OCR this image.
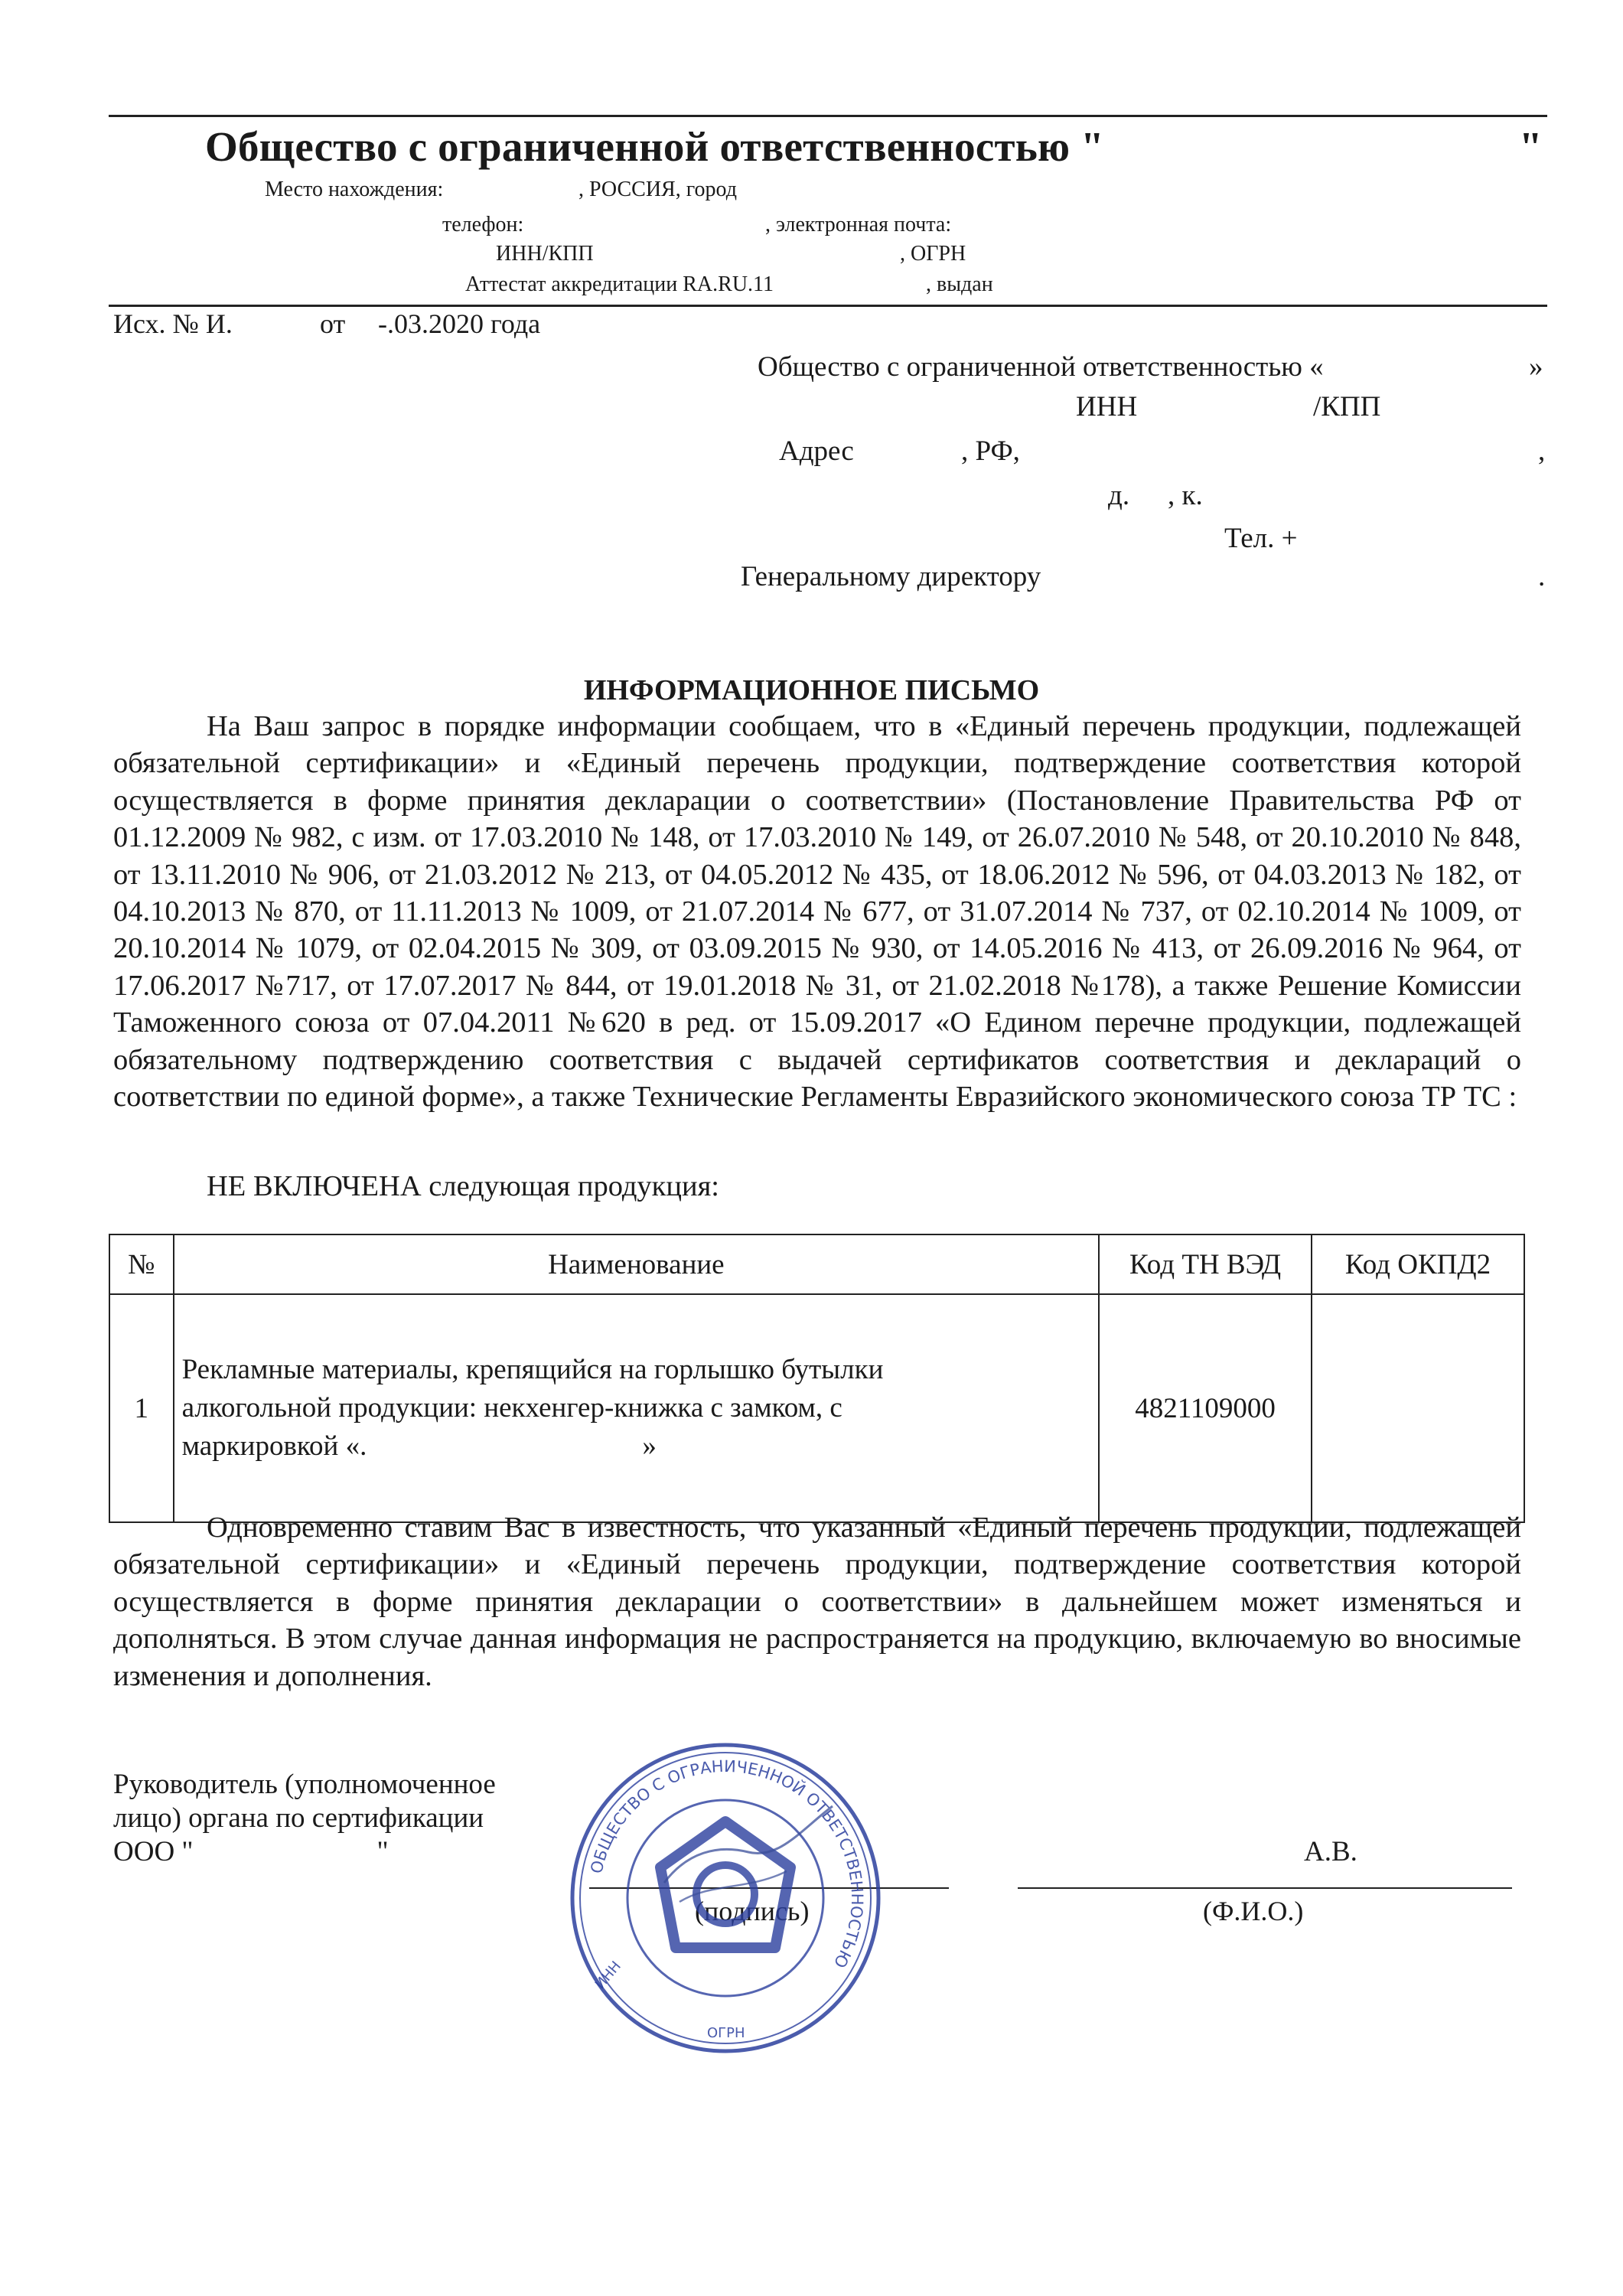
Общество с ограниченной ответственностью "	"
Место нахождения:	, РОССИЯ, город
телефон:	, электронная почта:
ИНН/КПП	, ОГРН
Аттестат аккредитации RA.RU.11	, выдан
Исх. № И.	от -.03.2020 года
Общество с ограниченной ответственностью «	»
ИНН	/КПП
Адрес	, РФ,	,
д. , к.
Тел. +
Генеральному директору	.
ИНФОРМАЦИОННОЕ ПИСЬМО
На Ваш запрос в порядке информации сообщаем, что в «Единый перечень продукции, подлежащей обязательной сертификации» и «Единый перечень продукции, подтверждение соответствия которой осуществляется в форме принятия декларации о соответствии» (Постановление Правительства РФ от 01.12.2009 № 982, с изм. от 17.03.2010 № 148, от 17.03.2010 № 149, от 26.07.2010 № 548, от 20.10.2010 № 848, от 13.11.2010 № 906, от 21.03.2012 № 213, от 04.05.2012 № 435, от 18.06.2012 № 596, от 04.03.2013 № 182, от 04.10.2013 № 870, от 11.11.2013 № 1009, от 21.07.2014 № 677, от 31.07.2014 № 737, от 02.10.2014 № 1009, от 20.10.2014 № 1079, от 02.04.2015 № 309, от 03.09.2015 № 930, от 14.05.2016 № 413, от 26.09.2016 № 964, от 17.06.2017 №717, от 17.07.2017 № 844, от 19.01.2018 № 31, от 21.02.2018 №178), а также Решение Комиссии Таможенного союза от 07.04.2011 №620 в ред. от 15.09.2017 «О Едином перечне продукции, подлежащей обязательному подтверждению соответствия с выдачей сертификатов соответствия и деклараций о соответствии по единой форме», а также Технические Регламенты Евразийского экономического союза ТР ТС :
НЕ ВКЛЮЧЕНА следующая продукция:
№	Наименование	Код ТН ВЭД	Код ОКПД2
1	Рекламные материалы, крепящийся на горлышко бутылки
алкогольной продукции: некхенгер-книжка с замком, с
маркировкой «. »	4821109000	
Одновременно ставим Вас в известность, что указанный «Единый перечень продукции, подлежащей обязательной сертификации» и «Единый перечень продукции, подтверждение соответствия которой осуществляется в форме принятия декларации о соответствии» в дальнейшем может изменяться и дополняться. В этом случае данная информация не распространяется на продукцию, включаемую во вносимые изменения и дополнения.
Руководитель (уполномоченное
лицо) органа по сертификации
ООО "	"	А.В.
(подпись)	(Ф.И.О.)
ОБЩЕСТВО С ОГРАНИЧЕННОЙ ОТВЕТСТВЕННОСТЬЮ
ИНН
ОГРН
